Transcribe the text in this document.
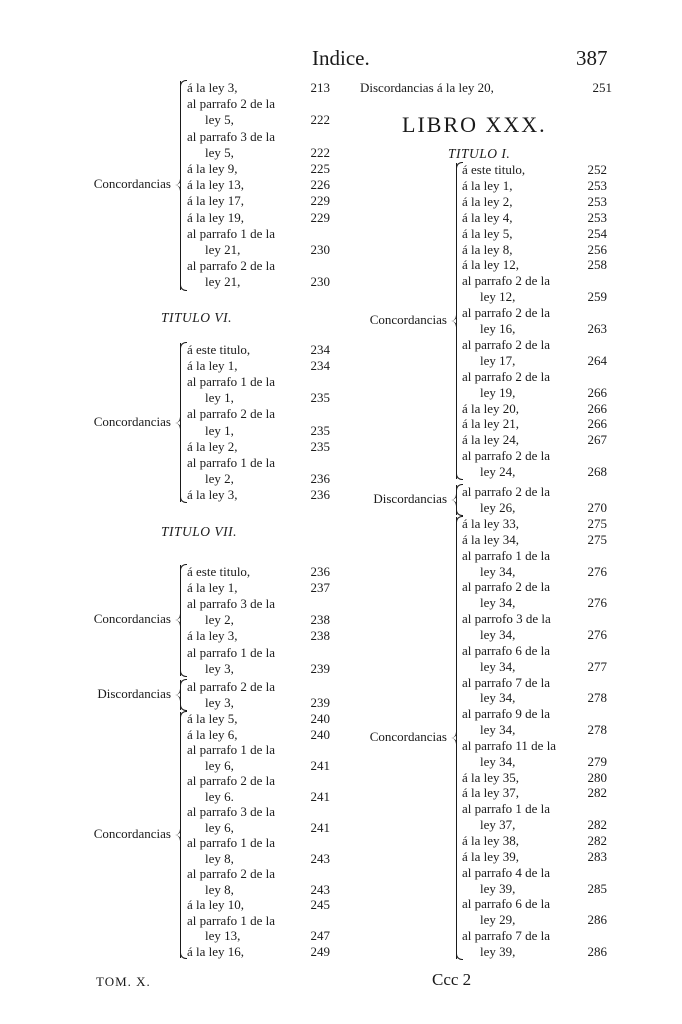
Indice.	387
á la ley 3,	213
al parrafo 2 de la
ley 5,	222
al parrafo 3 de la
ley 5,	222
á la ley 9,	225
á la ley 13,	226
á la ley 17,	229
á la ley 19,	229
al parrafo 1 de la
ley 21,	230
al parrafo 2 de la
ley 21,	230
Concordancias
TITULO VI.
á este titulo,	234
á la ley 1,	234
al parrafo 1 de la
ley 1,	235
al parrafo 2 de la
ley 1,	235
á la ley 2,	235
al parrafo 1 de la
ley 2,	236
á la ley 3,	236
Concordancias
TITULO VII.
á este titulo,	236
á la ley 1,	237
al parrafo 3 de la
ley 2,	238
á la ley 3,	238
al parrafo 1 de la
ley 3,	239
Concordancias
al parrafo 2 de la
ley 3,	239
Discordancias
á la ley 5,	240
á la ley 6,	240
al parrafo 1 de la
ley 6,	241
al parrafo 2 de la
ley 6.	241
al parrafo 3 de la
ley 6,	241
al parrafo 1 de la
ley 8,	243
al parrafo 2 de la
ley 8,	243
á la ley 10,	245
al parrafo 1 de la
ley 13,	247
á la ley 16,	249
Concordancias
Discordancias á la ley 20,	251
LIBRO XXX.
TITULO I.
á este titulo,	252
á la ley 1,	253
á la ley 2,	253
á la ley 4,	253
á la ley 5,	254
á la ley 8,	256
á la ley 12,	258
al parrafo 2 de la
ley 12,	259
al parrafo 2 de la
ley 16,	263
al parrafo 2 de la
ley 17,	264
al parrafo 2 de la
ley 19,	266
á la ley 20,	266
á la ley 21,	266
á la ley 24,	267
al parrafo 2 de la
ley 24,	268
Concordancias
al parrafo 2 de la
ley 26,	270
Discordancias
á la ley 33,	275
á la ley 34,	275
al parrafo 1 de la
ley 34,	276
al parrafo 2 de la
ley 34,	276
al parrofo 3 de la
ley 34,	276
al parrafo 6 de la
ley 34,	277
al parrafo 7 de la
ley 34,	278
al parrafo 9 de la
ley 34,	278
al parrafo 11 de la
ley 34,	279
á la ley 35,	280
á la ley 37,	282
al parrafo 1 de la
ley 37,	282
á la ley 38,	282
á la ley 39,	283
al parrafo 4 de la
ley 39,	285
al parrafo 6 de la
ley 29,	286
al parrafo 7 de la
ley 39,	286
Concordancias
TOM. X.	Ccc 2
